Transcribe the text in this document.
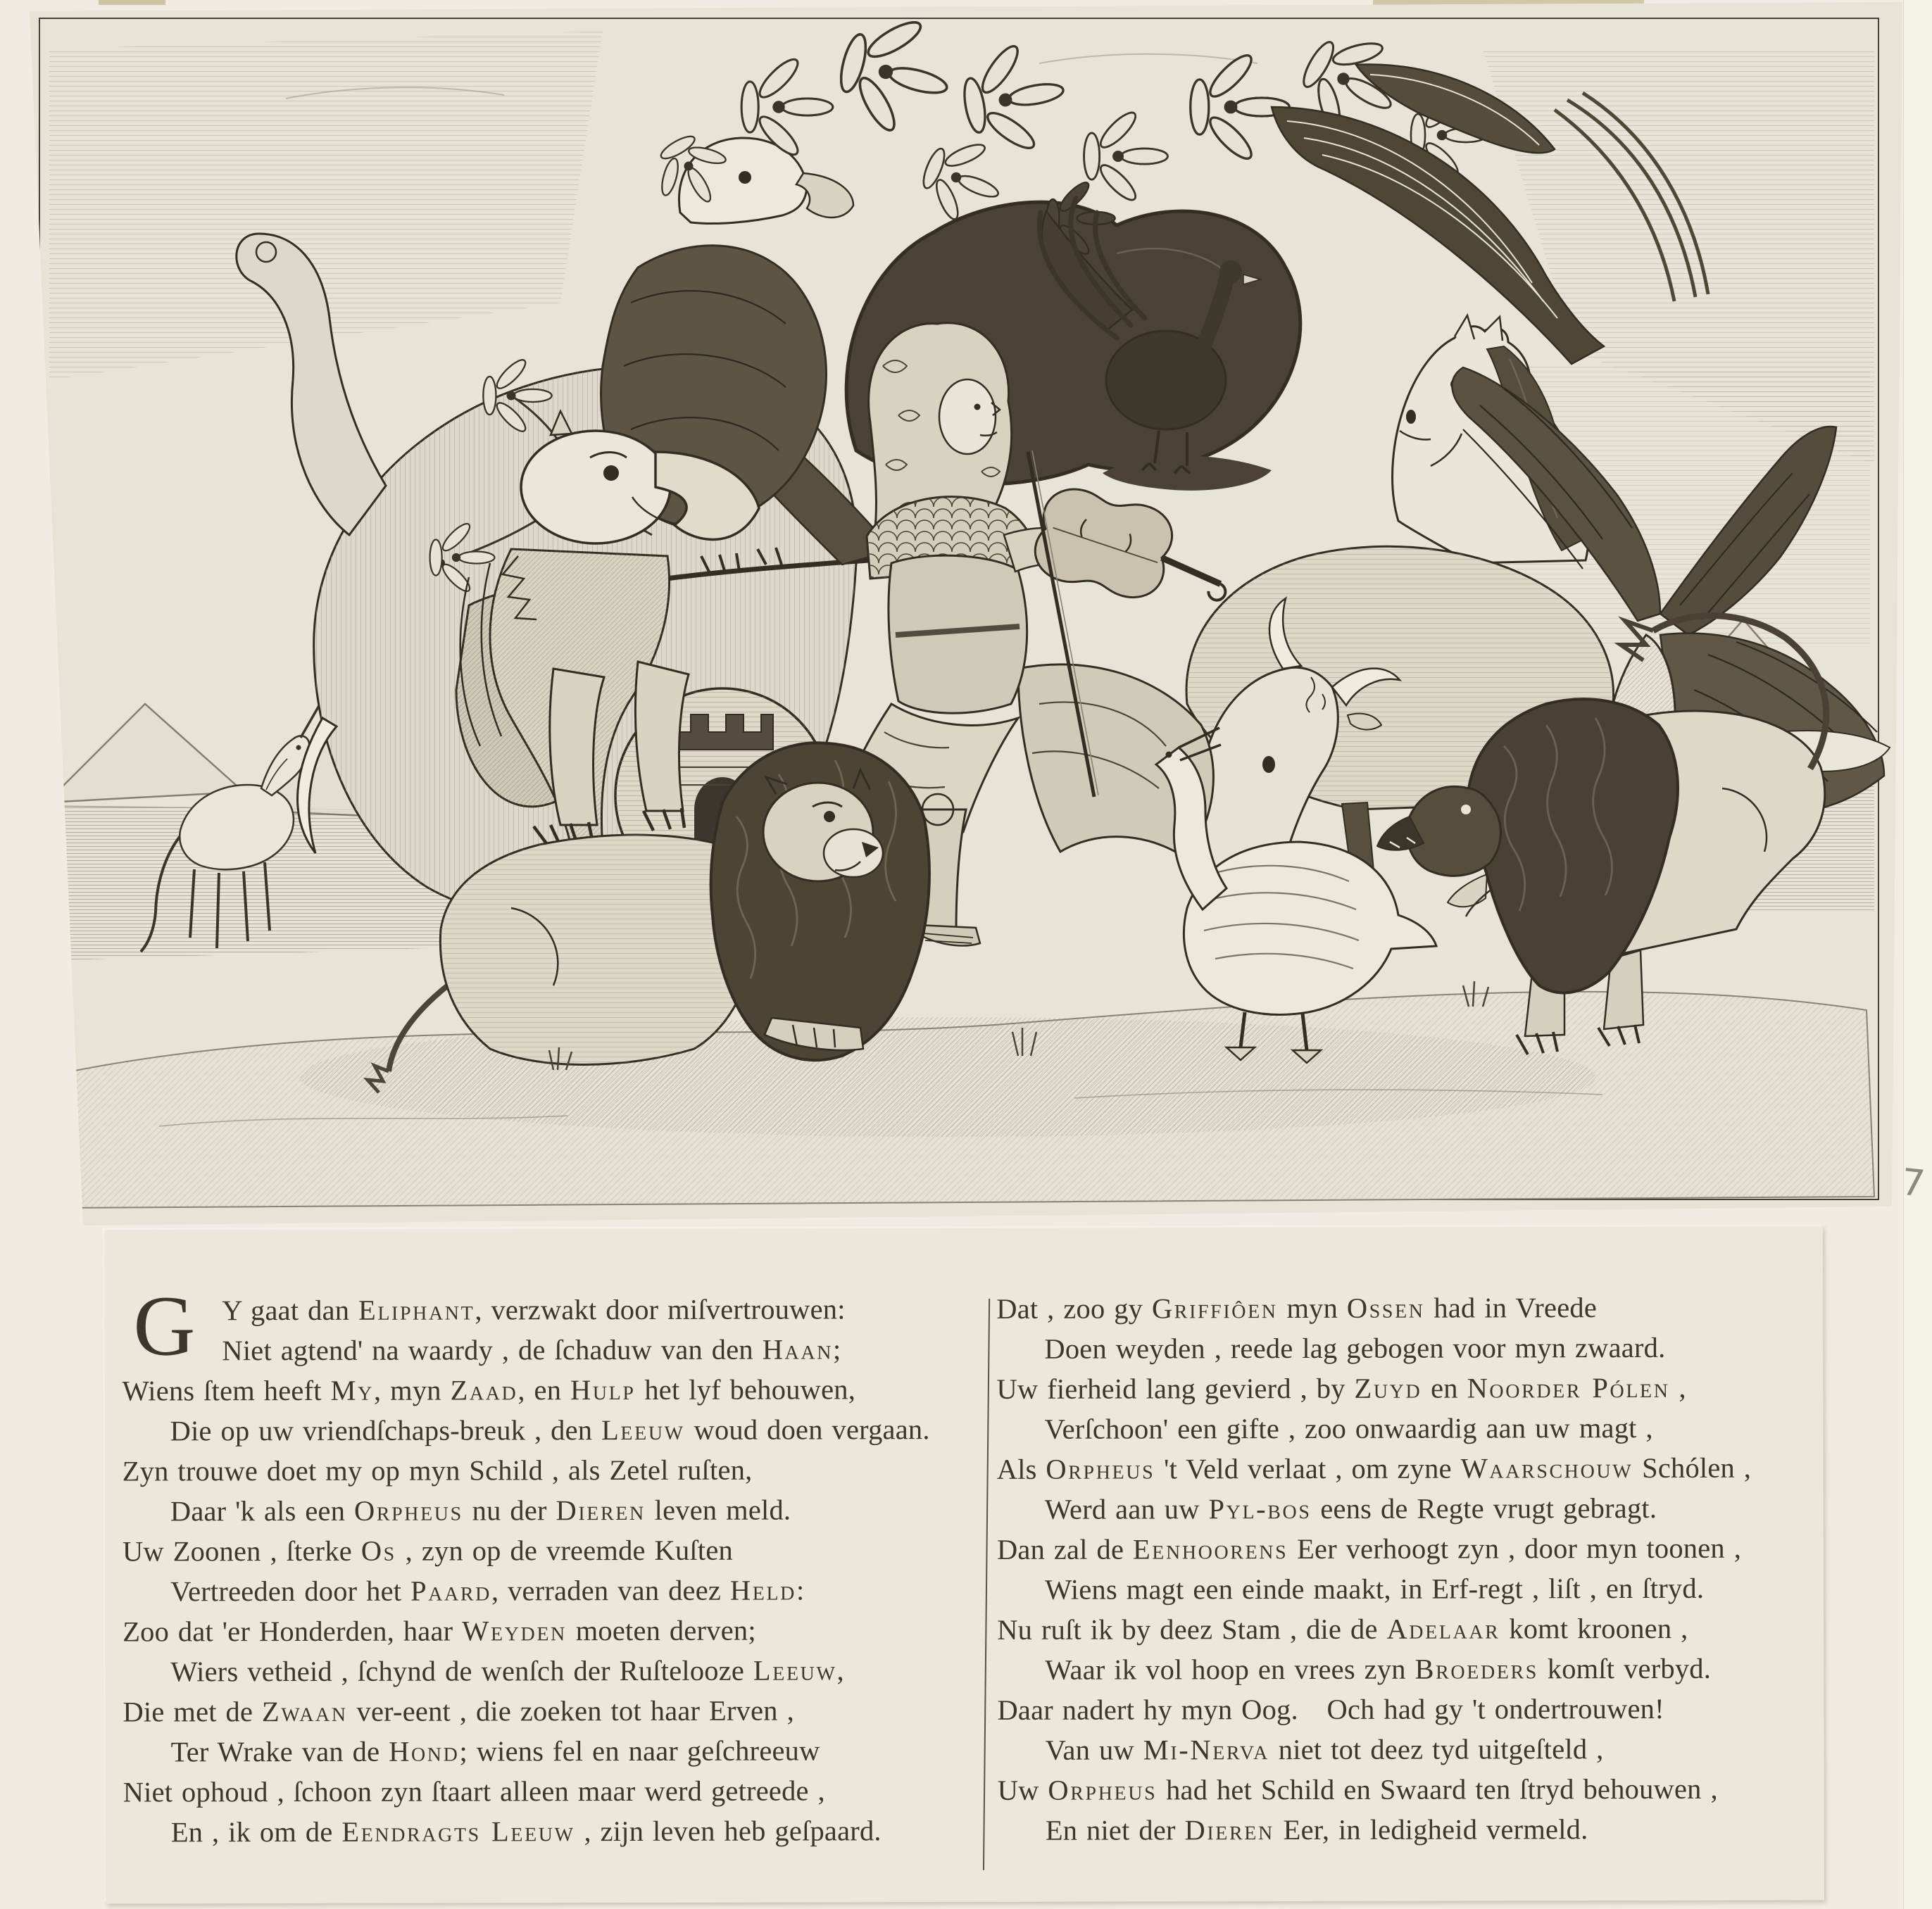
7
G Y gaat dan Eliphant, verzwakt door miſvertrouwen:
Niet agtend' na waardy , de ſchaduw van den Haan;
Wiens ſtem heeft My, myn Zaad, en Hulp het lyf behouwen,
Die op uw vriendſchaps-breuk , den Leeuw woud doen vergaan.
Zyn trouwe doet my op myn Schild , als Zetel ruſten,
Daar 'k als een Orpheus nu der Dieren leven meld.
Uw Zoonen , ſterke Os , zyn op de vreemde Kuſten
Vertreeden door het Paard, verraden van deez Held:
Zoo dat 'er Honderden, haar Weyden moeten derven;
Wiers vetheid , ſchynd de wenſch der Ruſtelooze Leeuw,
Die met de Zwaan ver-eent , die zoeken tot haar Erven ,
Ter Wrake van de Hond; wiens fel en naar geſchreeuw
Niet ophoud , ſchoon zyn ſtaart alleen maar werd getreede ,
En , ik om de Eendragts Leeuw , zijn leven heb geſpaard.
Dat , zoo gy Griffiôen myn Ossen had in Vreede
Doen weyden , reede lag gebogen voor myn zwaard.
Uw fierheid lang gevierd , by Zuyd en Noorder Pólen ,
Verſchoon' een gifte , zoo onwaardig aan uw magt ,
Als Orpheus 't Veld verlaat , om zyne Waarschouw Schólen ,
Werd aan uw Pyl-bos eens de Regte vrugt gebragt.
Dan zal de Eenhoorens Eer verhoogt zyn , door myn toonen ,
Wiens magt een einde maakt, in Erf-regt , liſt , en ſtryd.
Nu ruſt ik by deez Stam , die de Adelaar komt kroonen ,
Waar ik vol hoop en vrees zyn Broeders komſt verbyd.
Daar nadert hy myn Oog. Och had gy 't ondertrouwen!
Van uw Mi-Nerva niet tot deez tyd uitgeſteld ,
Uw Orpheus had het Schild en Swaard ten ſtryd behouwen ,
En niet der Dieren Eer, in ledigheid vermeld.
